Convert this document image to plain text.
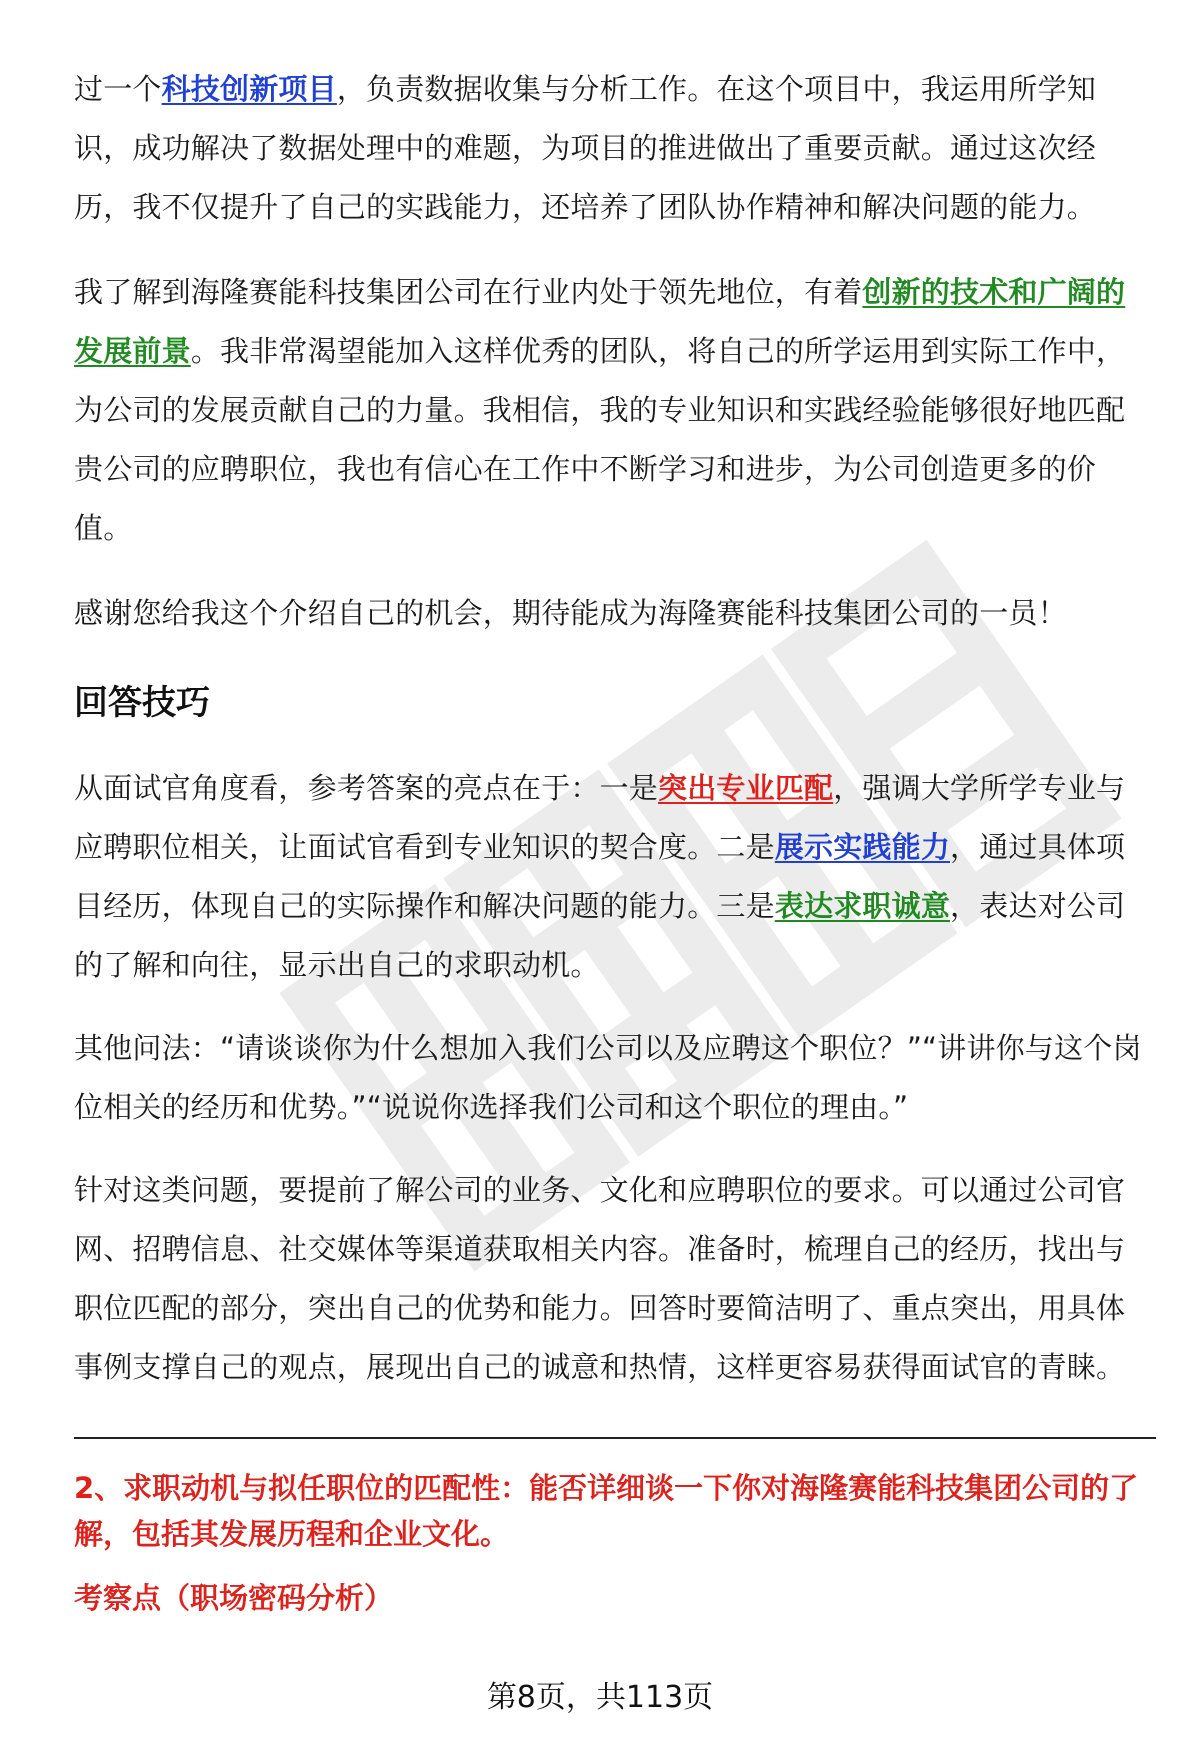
过一个科技创新项目，负责数据收集与分析工作。在这个项目中，我运用所学知识，成功解决了数据处理中的难题，为项目的推进做出了重要贡献。通过这次经历，我不仅提升了自己的实践能力，还培养了团队协作精神和解决问题的能力。

我了解到海隆赛能科技集团公司在行业内处于领先地位，有着创新的技术和广阔的发展前景。我非常渴望能加入这样优秀的团队，将自己的所学运用到实际工作中，为公司的发展贡献自己的力量。我相信，我的专业知识和实践经验能够很好地匹配贵公司的应聘职位，我也有信心在工作中不断学习和进步，为公司创造更多的价值。

感谢您给我这个介绍自己的机会，期待能成为海隆赛能科技集团公司的一员！

回答技巧

从面试官角度看，参考答案的亮点在于：一是突出专业匹配，强调大学所学专业与应聘职位相关，让面试官看到专业知识的契合度。二是展示实践能力，通过具体项目经历，体现自己的实际操作和解决问题的能力。三是表达求职诚意，表达对公司的了解和向往，显示出自己的求职动机。

其他问法：“请谈谈你为什么想加入我们公司以及应聘这个职位？”“讲讲你与这个岗位相关的经历和优势。”“说说你选择我们公司和这个职位的理由。”

针对这类问题，要提前了解公司的业务、文化和应聘职位的要求。可以通过公司官网、招聘信息、社交媒体等渠道获取相关内容。准备时，梳理自己的经历，找出与职位匹配的部分，突出自己的优势和能力。回答时要简洁明了、重点突出，用具体事例支撑自己的观点，展现出自己的诚意和热情，这样更容易获得面试官的青睐。

2、求职动机与拟任职位的匹配性：能否详细谈一下你对海隆赛能科技集团公司的了解，包括其发展历程和企业文化。

考察点（职场密码分析）

第8页，共113页
